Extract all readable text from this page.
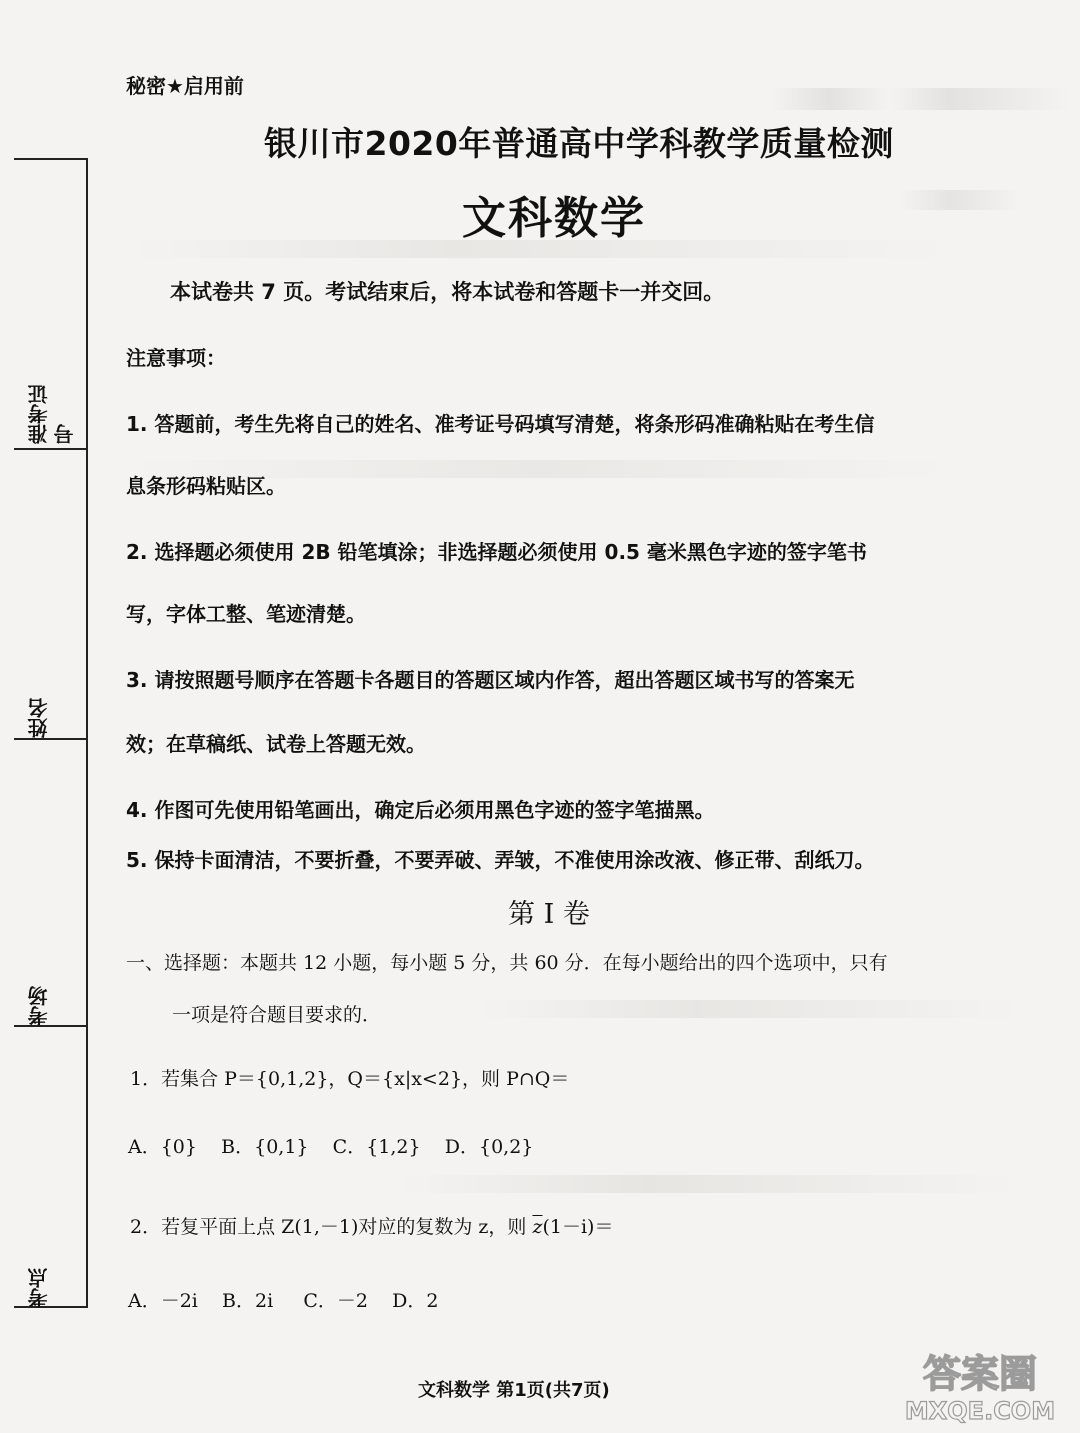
准考证号
姓名
考场
考点
秘密★启用前
银川市2020年普通高中学科教学质量检测
文科数学
本试卷共 7 页。考试结束后，将本试卷和答题卡一并交回。
注意事项：
1. 答题前，考生先将自己的姓名、准考证号码填写清楚，将条形码准确粘贴在考生信
息条形码粘贴区。
2. 选择题必须使用 2B 铅笔填涂；非选择题必须使用 0.5 毫米黑色字迹的签字笔书
写，字体工整、笔迹清楚。
3. 请按照题号顺序在答题卡各题目的答题区域内作答，超出答题区域书写的答案无
效；在草稿纸、试卷上答题无效。
4. 作图可先使用铅笔画出，确定后必须用黑色字迹的签字笔描黑。
5. 保持卡面清洁，不要折叠，不要弄破、弄皱，不准使用涂改液、修正带、刮纸刀。
第 I 卷
一、选择题：本题共 12 小题，每小题 5 分，共 60 分．在每小题给出的四个选项中，只有
一项是符合题目要求的．
1．若集合 P＝{0,1,2}，Q＝{x|x<2}，则 P∩Q＝
A．{0}    B．{0,1}    C．{1,2}    D．{0,2}
2．若复平面上点 Z(1,－1)对应的复数为 z，则 $\overline{z}(1-i)=$
A．－2i    B．2i     C．－2    D．2
文科数学 第1页(共7页)	答案圈
MXQE.COM
